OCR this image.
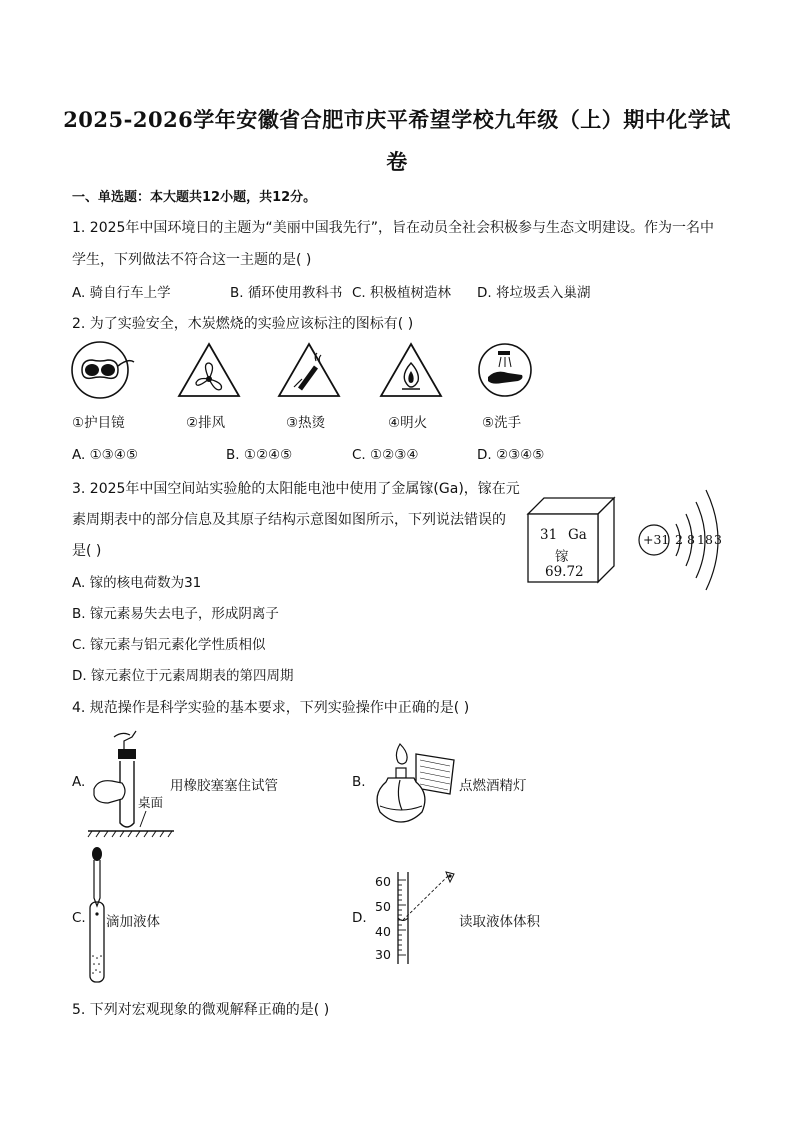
2025-2026学年安徽省合肥市庆平希望学校九年级（上）期中化学试
卷
一、单选题：本大题共12小题，共12分。
1. 2025年中国环境日的主题为“美丽中国我先行”，旨在动员全社会积极参与生态文明建设。作为一名中
学生，下列做法不符合这一主题的是( )
A. 骑自行车上学	B. 循环使用教科书 C. 积极植树造林 D. 将垃圾丢入巢湖
2. 为了实验安全，木炭燃烧的实验应该标注的图标有( )
①护目镜	②排风	③热烫	④明火	⑤洗手
A. ①③④⑤	B. ①②④⑤	C. ①②③④	D. ②③④⑤
3. 2025年中国空间站实验舱的太阳能电池中使用了金属镓(Ga)，镓在元
素周期表中的部分信息及其原子结构示意图如图所示，下列说法错误的
是( )
31 Ga
镓
69.72
+31 2 8 18 3
A. 镓的核电荷数为31
B. 镓元素易失去电子，形成阴离子
C. 镓元素与铝元素化学性质相似
D. 镓元素位于元素周期表的第四周期
4. 规范操作是科学实验的基本要求，下列实验操作中正确的是( )
A.
桌面
用橡胶塞塞住试管	B.	点燃酒精灯
C. 滴加液体	D.
60
50
40
30
读取液体体积
5. 下列对宏观现象的微观解释正确的是( )
